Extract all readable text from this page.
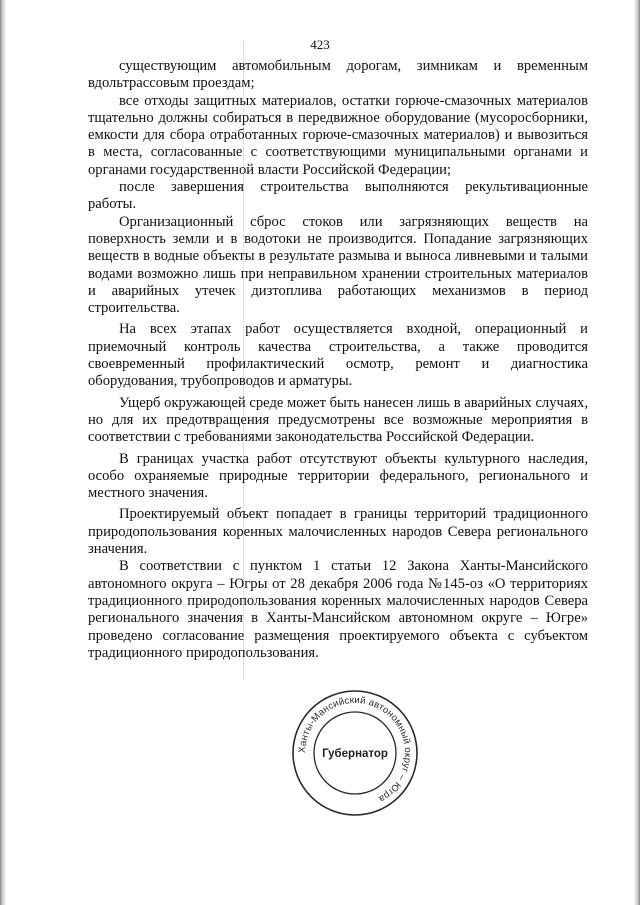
423

существующим автомобильным дорогам, зимникам и временным вдольтрассовым проездам;

все отходы защитных материалов, остатки горюче-смазочных материалов тщательно должны собираться в передвижное оборудование (мусоросборники, емкости для сбора отработанных горюче-смазочных материалов) и вывозиться в места, согласованные с соответствующими муниципальными органами и органами государственной власти Российской Федерации;

после завершения строительства выполняются рекультивационные работы.

Организационный сброс стоков или загрязняющих веществ на поверхность земли и в водотоки не производится. Попадание загрязняющих веществ в водные объекты в результате размыва и выноса ливневыми и талыми водами возможно лишь при неправильном хранении строительных материалов и аварийных утечек дизтоплива работающих механизмов в период строительства.

На всех этапах работ осуществляется входной, операционный и приемочный контроль качества строительства, а также проводится своевременный профилактический осмотр, ремонт и диагностика оборудования, трубопроводов и арматуры.

Ущерб окружающей среде может быть нанесен лишь в аварийных случаях, но для их предотвращения предусмотрены все возможные мероприятия в соответствии с требованиями законодательства Российской Федерации.

В границах участка работ отсутствуют объекты культурного наследия, особо охраняемые природные территории федерального, регионального и местного значения.

Проектируемый объект попадает в границы территорий традиционного природопользования коренных малочисленных народов Севера регионального значения.

В соответствии с пунктом 1 статьи 12 Закона Ханты-Мансийского автономного округа – Югры от 28 декабря 2006 года №145-оз «О территориях традиционного природопользования коренных малочисленных народов Севера регионального значения в Ханты-Мансийском автономном округе – Югре» проведено согласование размещения проектируемого объекта с субъектом традиционного природопользования.

Ханты-Мансийский автономный округ – Югра
Губернатор
